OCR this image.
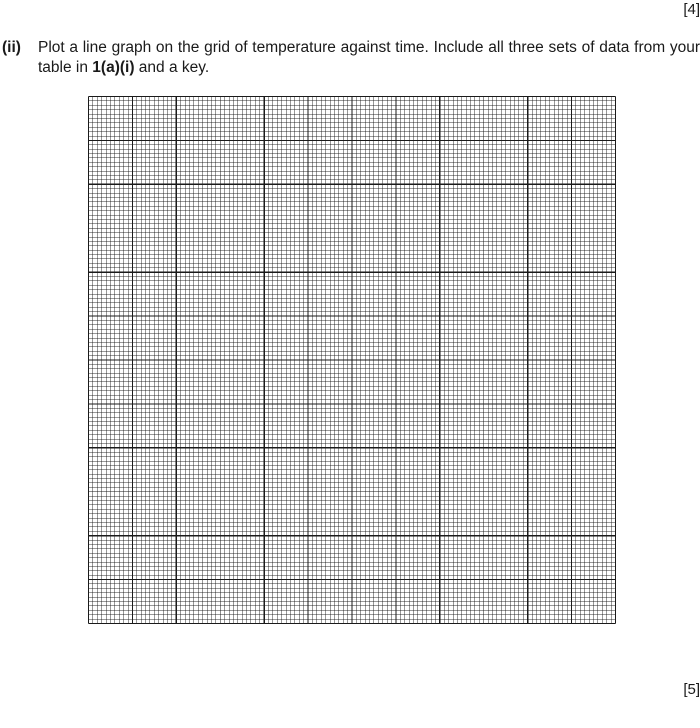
[4]
(ii) Plot a line graph on the grid of temperature against time. Include all three sets of data from your table in 1(a)(i) and a key.
[5]
